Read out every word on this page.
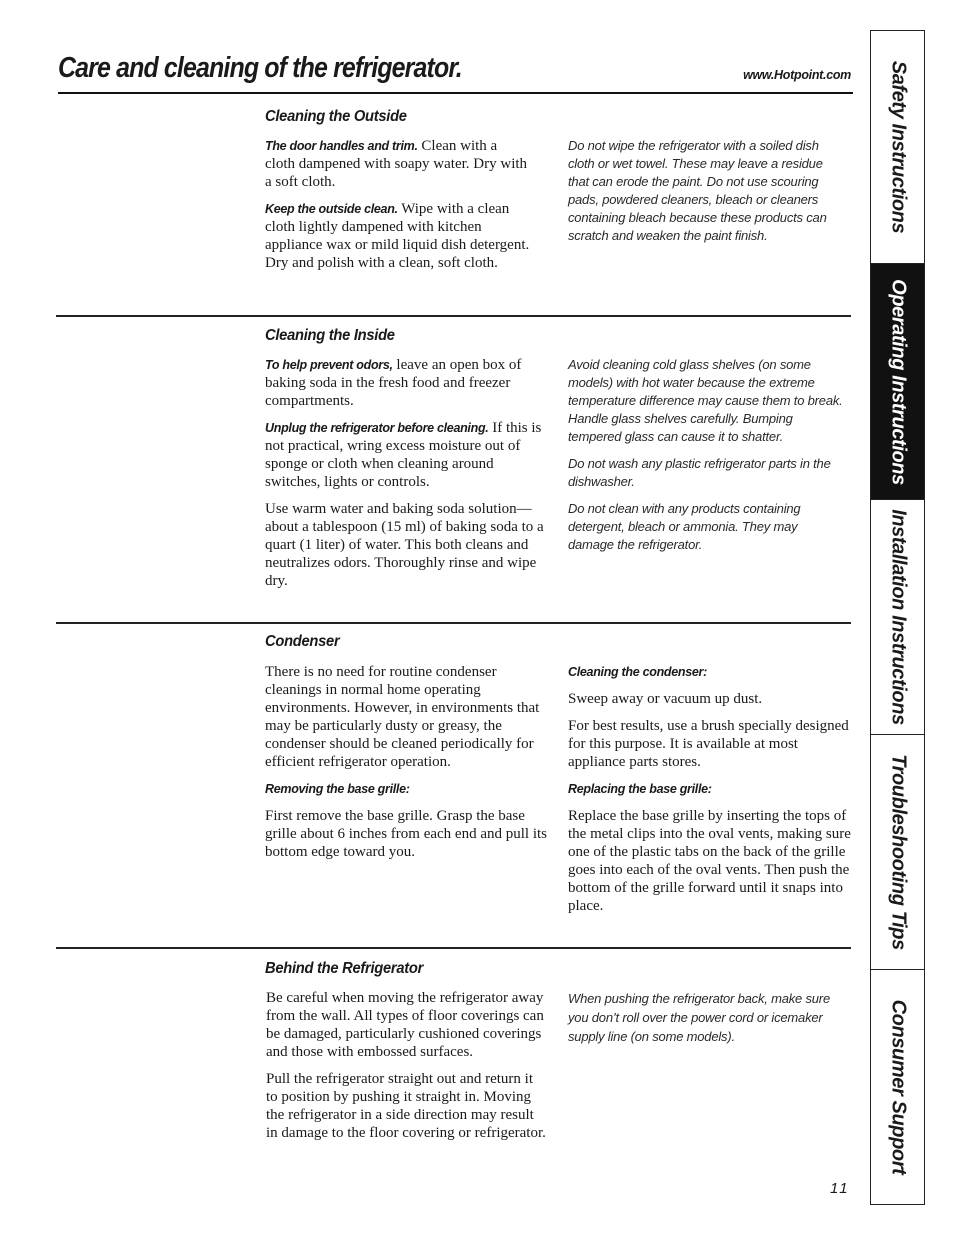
Care and cleaning of the refrigerator.	www.Hotpoint.com
Cleaning the Outside

The door handles and trim. Clean with a cloth dampened with soapy water. Dry with a soft cloth.

Keep the outside clean. Wipe with a clean cloth lightly dampened with kitchen appliance wax or mild liquid dish detergent. Dry and polish with a clean, soft cloth.

Do not wipe the refrigerator with a soiled dish cloth or wet towel. These may leave a residue that can erode the paint. Do not use scouring pads, powdered cleaners, bleach or cleaners containing bleach because these products can scratch and weaken the paint finish.

Cleaning the Inside

To help prevent odors, leave an open box of baking soda in the fresh food and freezer compartments.

Unplug the refrigerator before cleaning. If this is not practical, wring excess moisture out of sponge or cloth when cleaning around switches, lights or controls.

Use warm water and baking soda solution—about a tablespoon (15 ml) of baking soda to a quart (1 liter) of water. This both cleans and neutralizes odors. Thoroughly rinse and wipe dry.

Avoid cleaning cold glass shelves (on some models) with hot water because the extreme temperature difference may cause them to break. Handle glass shelves carefully. Bumping tempered glass can cause it to shatter.

Do not wash any plastic refrigerator parts in the dishwasher.

Do not clean with any products containing detergent, bleach or ammonia. They may damage the refrigerator.

Condenser

There is no need for routine condenser cleanings in normal home operating environments. However, in environments that may be particularly dusty or greasy, the condenser should be cleaned periodically for efficient refrigerator operation.

Removing the base grille:

First remove the base grille. Grasp the base grille about 6 inches from each end and pull its bottom edge toward you.

Cleaning the condenser:

Sweep away or vacuum up dust.

For best results, use a brush specially designed for this purpose. It is available at most appliance parts stores.

Replacing the base grille:

Replace the base grille by inserting the tops of the metal clips into the oval vents, making sure one of the plastic tabs on the back of the grille goes into each of the oval vents. Then push the bottom of the grille forward until it snaps into place.

Behind the Refrigerator

Be careful when moving the refrigerator away from the wall. All types of floor coverings can be damaged, particularly cushioned coverings and those with embossed surfaces.

Pull the refrigerator straight out and return it to position by pushing it straight in. Moving the refrigerator in a side direction may result in damage to the floor covering or refrigerator.

When pushing the refrigerator back, make sure you don’t roll over the power cord or icemaker supply line (on some models).

11
Safety Instructions
Operating Instructions
Installation Instructions
Troubleshooting Tips
Consumer Support
